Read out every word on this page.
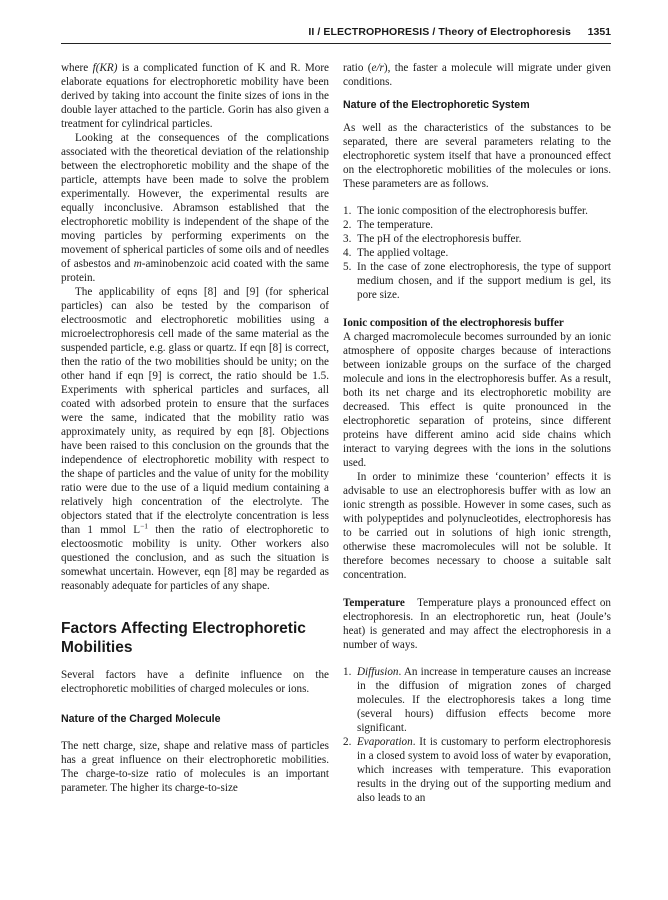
II / ELECTROPHORESIS / Theory of Electrophoresis 1351

where f(KR) is a complicated function of K and R. More elaborate equations for electrophoretic mobility have been derived by taking into account the finite sizes of ions in the double layer attached to the particle. Gorin has also given a treatment for cylindrical particles.

Looking at the consequences of the complications associated with the theoretical deviation of the relationship between the electrophoretic mobility and the shape of the particle, attempts have been made to solve the problem experimentally. However, the experimental results are equally inconclusive. Abramson established that the electrophoretic mobility is independent of the shape of the moving particles by performing experiments on the movement of spherical particles of some oils and of needles of asbestos and m-aminobenzoic acid coated with the same protein.

The applicability of eqns [8] and [9] (for spherical particles) can also be tested by the comparison of electroosmotic and electrophoretic mobilities using a microelectrophoresis cell made of the same material as the suspended particle, e.g. glass or quartz. If eqn [8] is correct, then the ratio of the two mobilities should be unity; on the other hand if eqn [9] is correct, the ratio should be 1.5. Experiments with spherical particles and surfaces, all coated with adsorbed protein to ensure that the surfaces were the same, indicated that the mobility ratio was approximately unity, as required by eqn [8]. Objections have been raised to this conclusion on the grounds that the independence of electrophoretic mobility with respect to the shape of particles and the value of unity for the mobility ratio were due to the use of a liquid medium containing a relatively high concentration of the electrolyte. The objectors stated that if the electrolyte concentration is less than 1 mmol $L^{-1}$ then the ratio of electrophoretic to electoosmotic mobility is unity. Other workers also questioned the conclusion, and as such the situation is somewhat uncertain. However, eqn [8] may be regarded as reasonably adequate for particles of any shape.

Factors Affecting Electrophoretic Mobilities

Several factors have a definite influence on the electrophoretic mobilities of charged molecules or ions.

Nature of the Charged Molecule

The nett charge, size, shape and relative mass of particles has a great influence on their electrophoretic mobilities. The charge-to-size ratio of molecules is an important parameter. The higher its charge-to-size

ratio (e/r), the faster a molecule will migrate under given conditions.

Nature of the Electrophoretic System

As well as the characteristics of the substances to be separated, there are several parameters relating to the electrophoretic system itself that have a pronounced effect on the electrophoretic mobilities of the molecules or ions. These parameters are as follows.

1. The ionic composition of the electrophoresis buffer.
2. The temperature.
3. The pH of the electrophoresis buffer.
4. The applied voltage.
5. In the case of zone electrophoresis, the type of support medium chosen, and if the support medium is gel, its pore size.

Ionic composition of the electrophoresis buffer

A charged macromolecule becomes surrounded by an ionic atmosphere of opposite charges because of interactions between ionizable groups on the surface of the charged molecule and ions in the electrophoresis buffer. As a result, both its net charge and its electrophoretic mobility are decreased. This effect is quite pronounced in the electrophoretic separation of proteins, since different proteins have different amino acid side chains which interact to varying degrees with the ions in the solutions used.

In order to minimize these ‘counterion’ effects it is advisable to use an electrophoresis buffer with as low an ionic strength as possible. However in some cases, such as with polypeptides and polynucleotides, electrophoresis has to be carried out in solutions of high ionic strength, otherwise these macromolecules will not be soluble. It therefore becomes necessary to choose a suitable salt concentration.

Temperature Temperature plays a pronounced effect on electrophoresis. In an electrophoretic run, heat (Joule’s heat) is generated and may affect the electrophoresis in a number of ways.

1. Diffusion. An increase in temperature causes an increase in the diffusion of migration zones of charged molecules. If the electrophoresis takes a long time (several hours) diffusion effects become more significant.
2. Evaporation. It is customary to perform electrophoresis in a closed system to avoid loss of water by evaporation, which increases with temperature. This evaporation results in the drying out of the supporting medium and also leads to an
